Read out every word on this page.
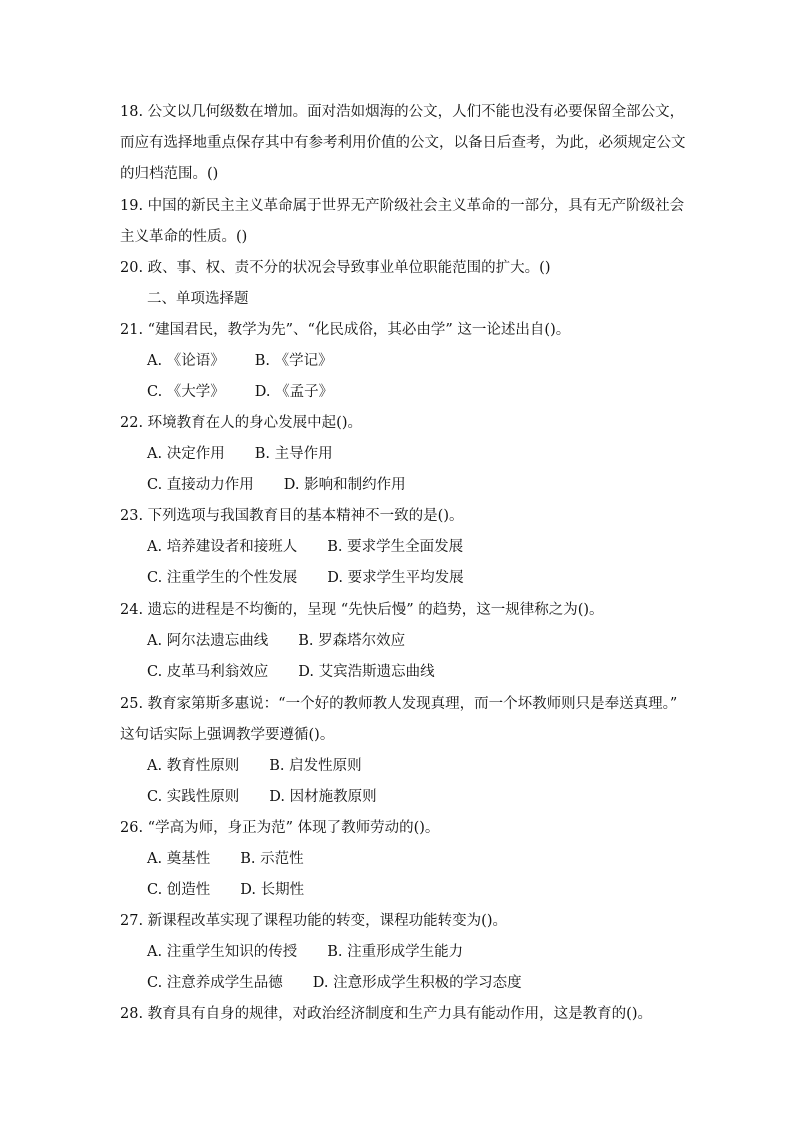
18. 公文以几何级数在增加。面对浩如烟海的公文，人们不能也没有必要保留全部公文，
而应有选择地重点保存其中有参考利用价值的公文，以备日后查考，为此，必须规定公文
的归档范围。()
19. 中国的新民主主义革命属于世界无产阶级社会主义革命的一部分，具有无产阶级社会
主义革命的性质。()
20. 政、事、权、责不分的状况会导致事业单位职能范围的扩大。()
二、单项选择题
21. “建国君民，教学为先”、“化民成俗，其必由学” 这一论述出自()。
A. 《论语》 B. 《学记》
C. 《大学》 D. 《孟子》
22. 环境教育在人的身心发展中起()。
A. 决定作用 B. 主导作用
C. 直接动力作用 D. 影响和制约作用
23. 下列选项与我国教育目的基本精神不一致的是()。
A. 培养建设者和接班人 B. 要求学生全面发展
C. 注重学生的个性发展 D. 要求学生平均发展
24. 遗忘的进程是不均衡的，呈现 “先快后慢” 的趋势，这一规律称之为()。
A. 阿尔法遗忘曲线 B. 罗森塔尔效应
C. 皮革马利翁效应 D. 艾宾浩斯遗忘曲线
25. 教育家第斯多惠说：“一个好的教师教人发现真理，而一个坏教师则只是奉送真理。”
这句话实际上强调教学要遵循()。
A. 教育性原则 B. 启发性原则
C. 实践性原则 D. 因材施教原则
26. “学高为师，身正为范” 体现了教师劳动的()。
A. 奠基性 B. 示范性
C. 创造性 D. 长期性
27. 新课程改革实现了课程功能的转变，课程功能转变为()。
A. 注重学生知识的传授 B. 注重形成学生能力
C. 注意养成学生品德 D. 注意形成学生积极的学习态度
28. 教育具有自身的规律，对政治经济制度和生产力具有能动作用，这是教育的()。
